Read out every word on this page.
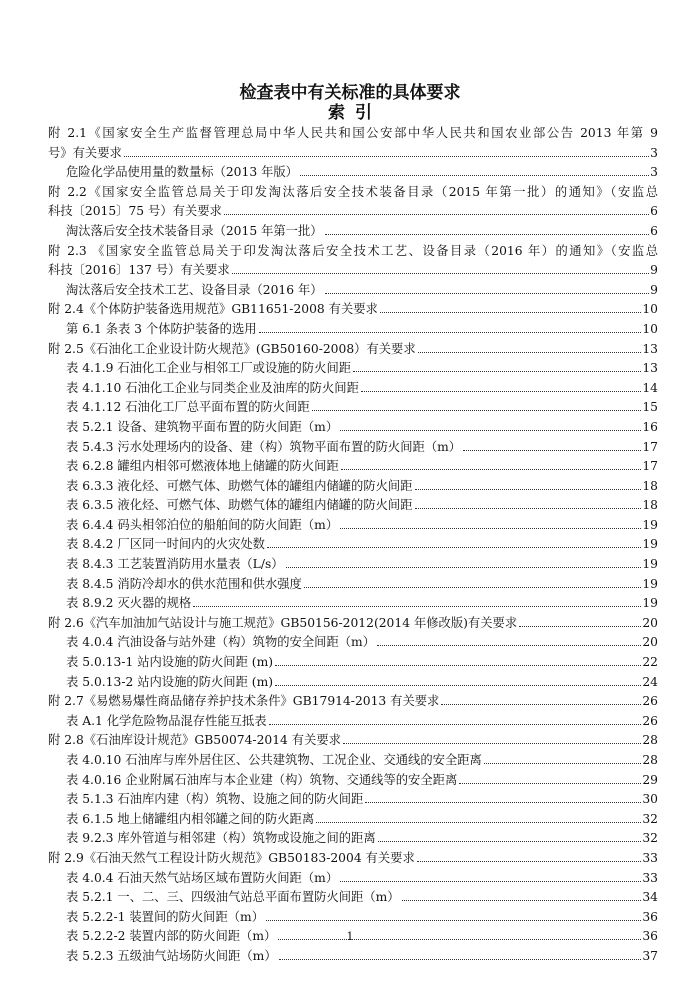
检查表中有关标准的具体要求
索引
附 2.1《国家安全生产监督管理总局中华人民共和国公安部中华人民共和国农业部公告 2013 年第 9
号》有关要求	3
危险化学品使用量的数量标（2013 年版）	3
附 2.2《国家安全监管总局关于印发淘汰落后安全技术装备目录（2015 年第一批）的通知》（安监总
科技〔2015〕75 号）有关要求	6
淘汰落后安全技术装备目录（2015 年第一批）	6
附 2.3 《国家安全监管总局关于印发淘汰落后安全技术工艺、设备目录（2016 年）的通知》（安监总
科技〔2016〕137 号）有关要求	9
淘汰落后安全技术工艺、设备目录（2016 年）	9
附 2.4《个体防护装备选用规范》GB11651-2008 有关要求	10
第 6.1 条表 3 个体防护装备的选用	10
附 2.5《石油化工企业设计防火规范》(GB50160-2008）有关要求	13
表 4.1.9 石油化工企业与相邻工厂或设施的防火间距	13
表 4.1.10 石油化工企业与同类企业及油库的防火间距	14
表 4.1.12 石油化工厂总平面布置的防火间距	15
表 5.2.1 设备、建筑物平面布置的防火间距（m）	16
表 5.4.3 污水处理场内的设备、建（构）筑物平面布置的防火间距（m）	17
表 6.2.8 罐组内相邻可燃液体地上储罐的防火间距	17
表 6.3.3 液化烃、可燃气体、助燃气体的罐组内储罐的防火间距	18
表 6.3.5 液化烃、可燃气体、助燃气体的罐组内储罐的防火间距	18
表 6.4.4 码头相邻泊位的船舶间的防火间距（m）	19
表 8.4.2 厂区同一时间内的火灾处数	19
表 8.4.3 工艺装置消防用水量表（L/s）	19
表 8.4.5 消防冷却水的供水范围和供水强度	19
表 8.9.2 灭火器的规格	19
附 2.6《汽车加油加气站设计与施工规范》GB50156-2012(2014 年修改版)有关要求	20
表 4.0.4 汽油设备与站外建（构）筑物的安全间距（m）	20
表 5.0.13-1 站内设施的防火间距 (m)	22
表 5.0.13-2 站内设施的防火间距 (m)	24
附 2.7《易燃易爆性商品储存养护技术条件》GB17914-2013 有关要求	26
表 A.1 化学危险物品混存性能互抵表	26
附 2.8《石油库设计规范》GB50074-2014 有关要求	28
表 4.0.10 石油库与库外居住区、公共建筑物、工况企业、交通线的安全距离	28
表 4.0.16 企业附属石油库与本企业建（构）筑物、交通线等的安全距离	29
表 5.1.3 石油库内建（构）筑物、设施之间的防火间距	30
表 6.1.5 地上储罐组内相邻罐之间的防火距离	32
表 9.2.3 库外管道与相邻建（构）筑物或设施之间的距离	32
附 2.9《石油天然气工程设计防火规范》GB50183-2004 有关要求	33
表 4.0.4 石油天然气站场区域布置防火间距（m）	33
表 5.2.1 一、二、三、四级油气站总平面布置防火间距（m）	34
表 5.2.2-1 装置间的防火间距（m）	36
表 5.2.2-2 装置内部的防火间距（m）	36
表 5.2.3 五级油气站场防火间距（m）	37
1
